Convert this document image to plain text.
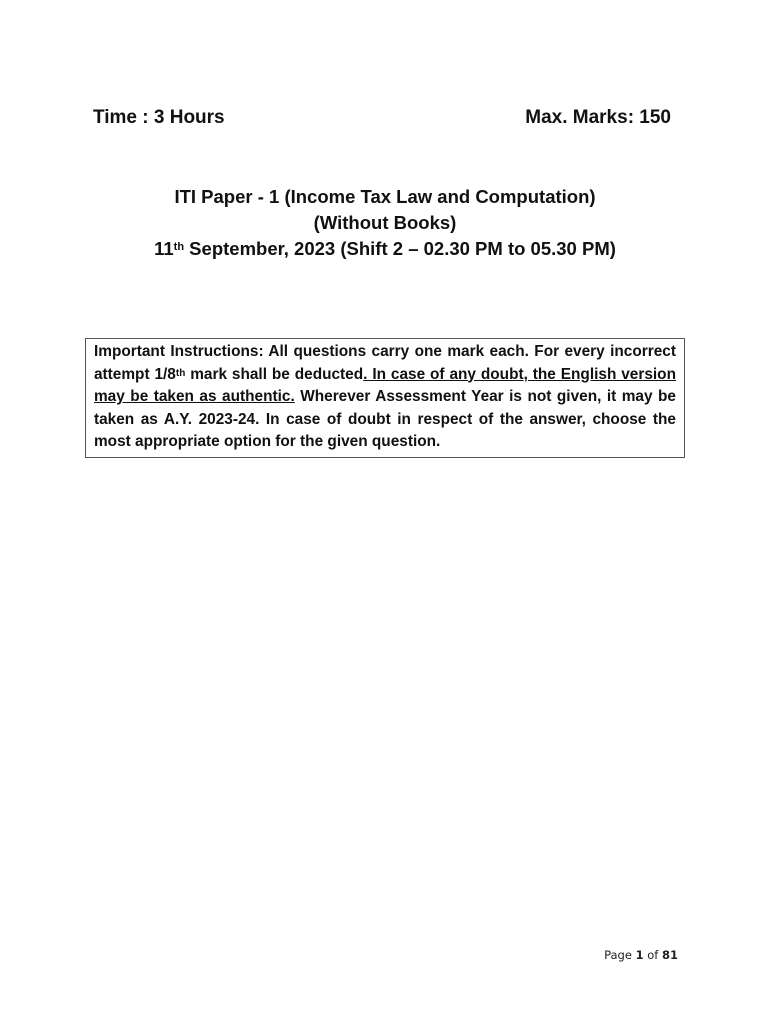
Time : 3 Hours	Max. Marks: 150
ITI Paper - 1 (Income Tax Law and Computation)
(Without Books)
11th September, 2023 (Shift 2 – 02.30 PM to 05.30 PM)
Important Instructions: All questions carry one mark each. For every incorrect attempt 1/8th mark shall be deducted. In case of any doubt, the English version may be taken as authentic. Wherever Assessment Year is not given, it may be taken as A.Y. 2023-24. In case of doubt in respect of the answer, choose the most appropriate option for the given question.
Page 1 of 81
